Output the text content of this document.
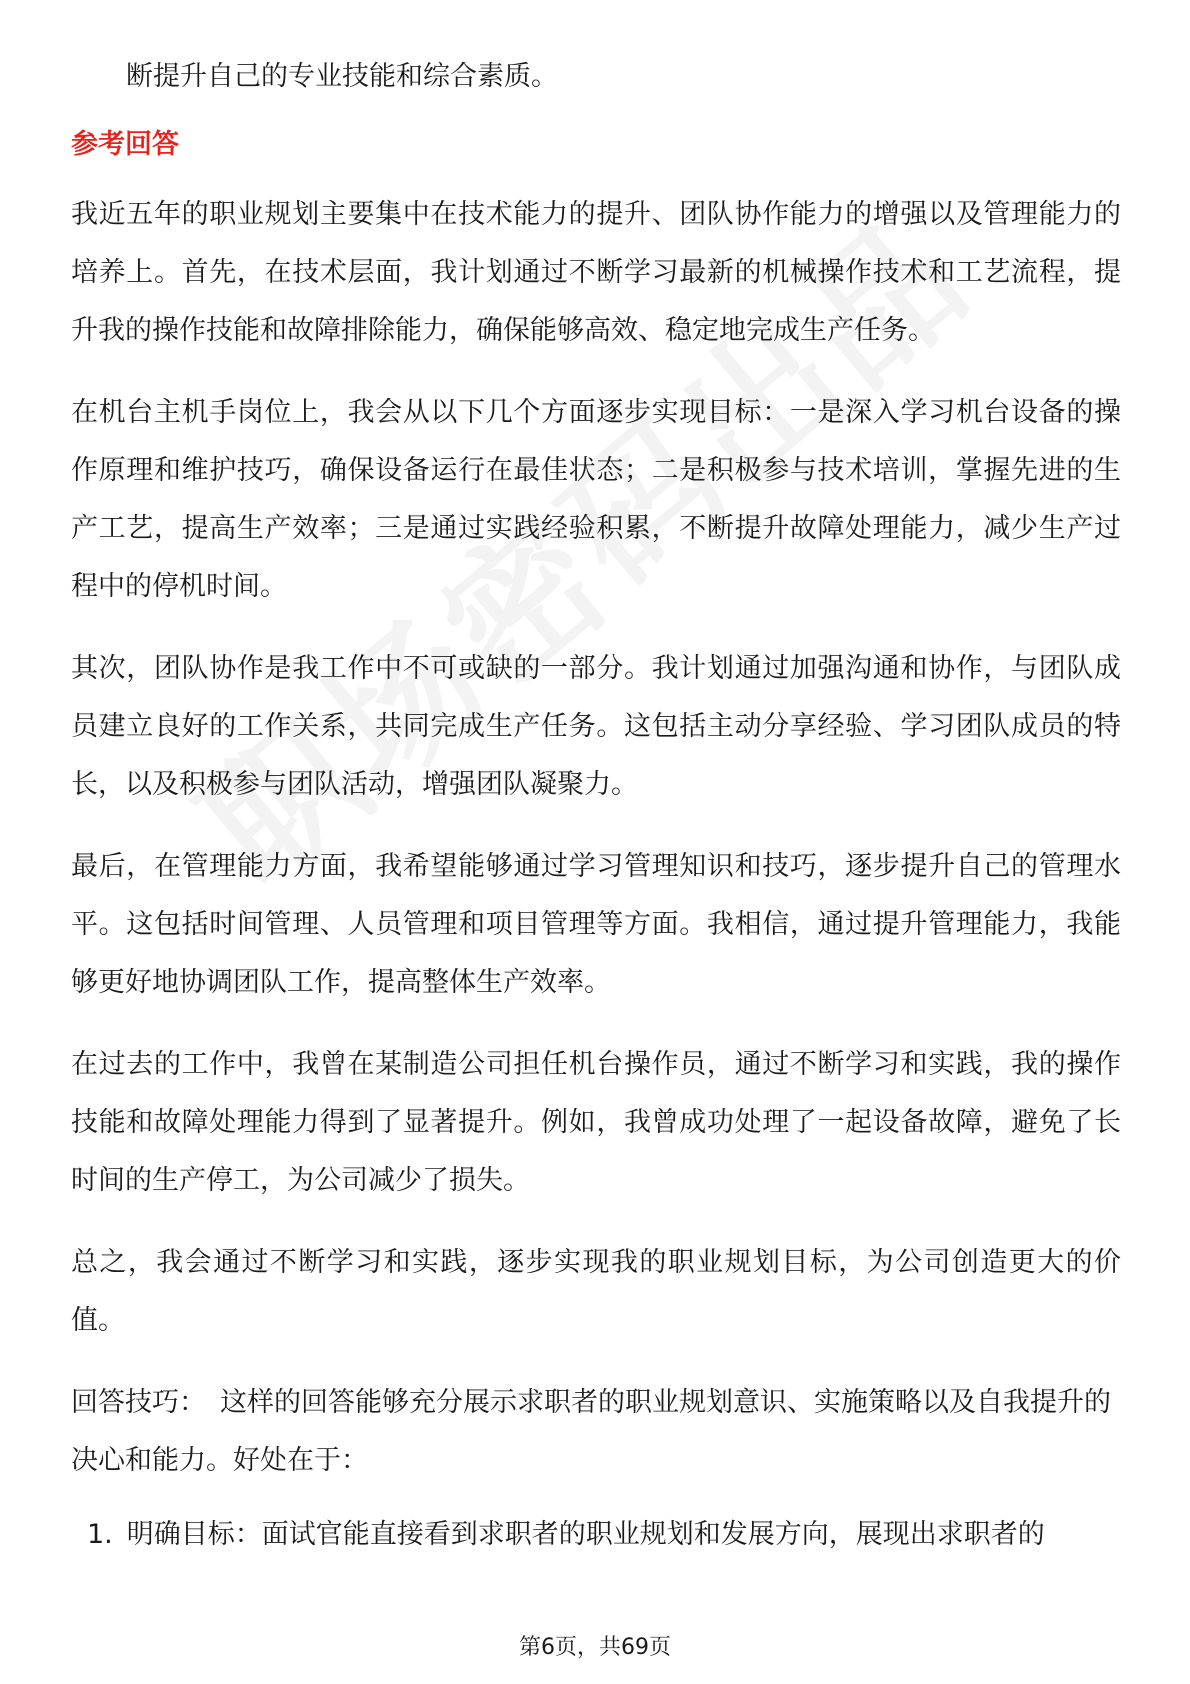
断提升自己的专业技能和综合素质。

参考回答

我近五年的职业规划主要集中在技术能力的提升、团队协作能力的增强以及管理能力的培养上。首先，在技术层面，我计划通过不断学习最新的机械操作技术和工艺流程，提升我的操作技能和故障排除能力，确保能够高效、稳定地完成生产任务。

在机台主机手岗位上，我会从以下几个方面逐步实现目标：一是深入学习机台设备的操作原理和维护技巧，确保设备运行在最佳状态；二是积极参与技术培训，掌握先进的生产工艺，提高生产效率；三是通过实践经验积累，不断提升故障处理能力，减少生产过程中的停机时间。

其次，团队协作是我工作中不可或缺的一部分。我计划通过加强沟通和协作，与团队成员建立良好的工作关系，共同完成生产任务。这包括主动分享经验、学习团队成员的特长，以及积极参与团队活动，增强团队凝聚力。

最后，在管理能力方面，我希望能够通过学习管理知识和技巧，逐步提升自己的管理水平。这包括时间管理、人员管理和项目管理等方面。我相信，通过提升管理能力，我能够更好地协调团队工作，提高整体生产效率。

在过去的工作中，我曾在某制造公司担任机台操作员，通过不断学习和实践，我的操作技能和故障处理能力得到了显著提升。例如，我曾成功处理了一起设备故障，避免了长时间的生产停工，为公司减少了损失。

总之，我会通过不断学习和实践，逐步实现我的职业规划目标，为公司创造更大的价值。

回答技巧： 这样的回答能够充分展示求职者的职业规划意识、实施策略以及自我提升的决心和能力。好处在于：

1. 明确目标：面试官能直接看到求职者的职业规划和发展方向，展现出求职者的
第6页，共69页
